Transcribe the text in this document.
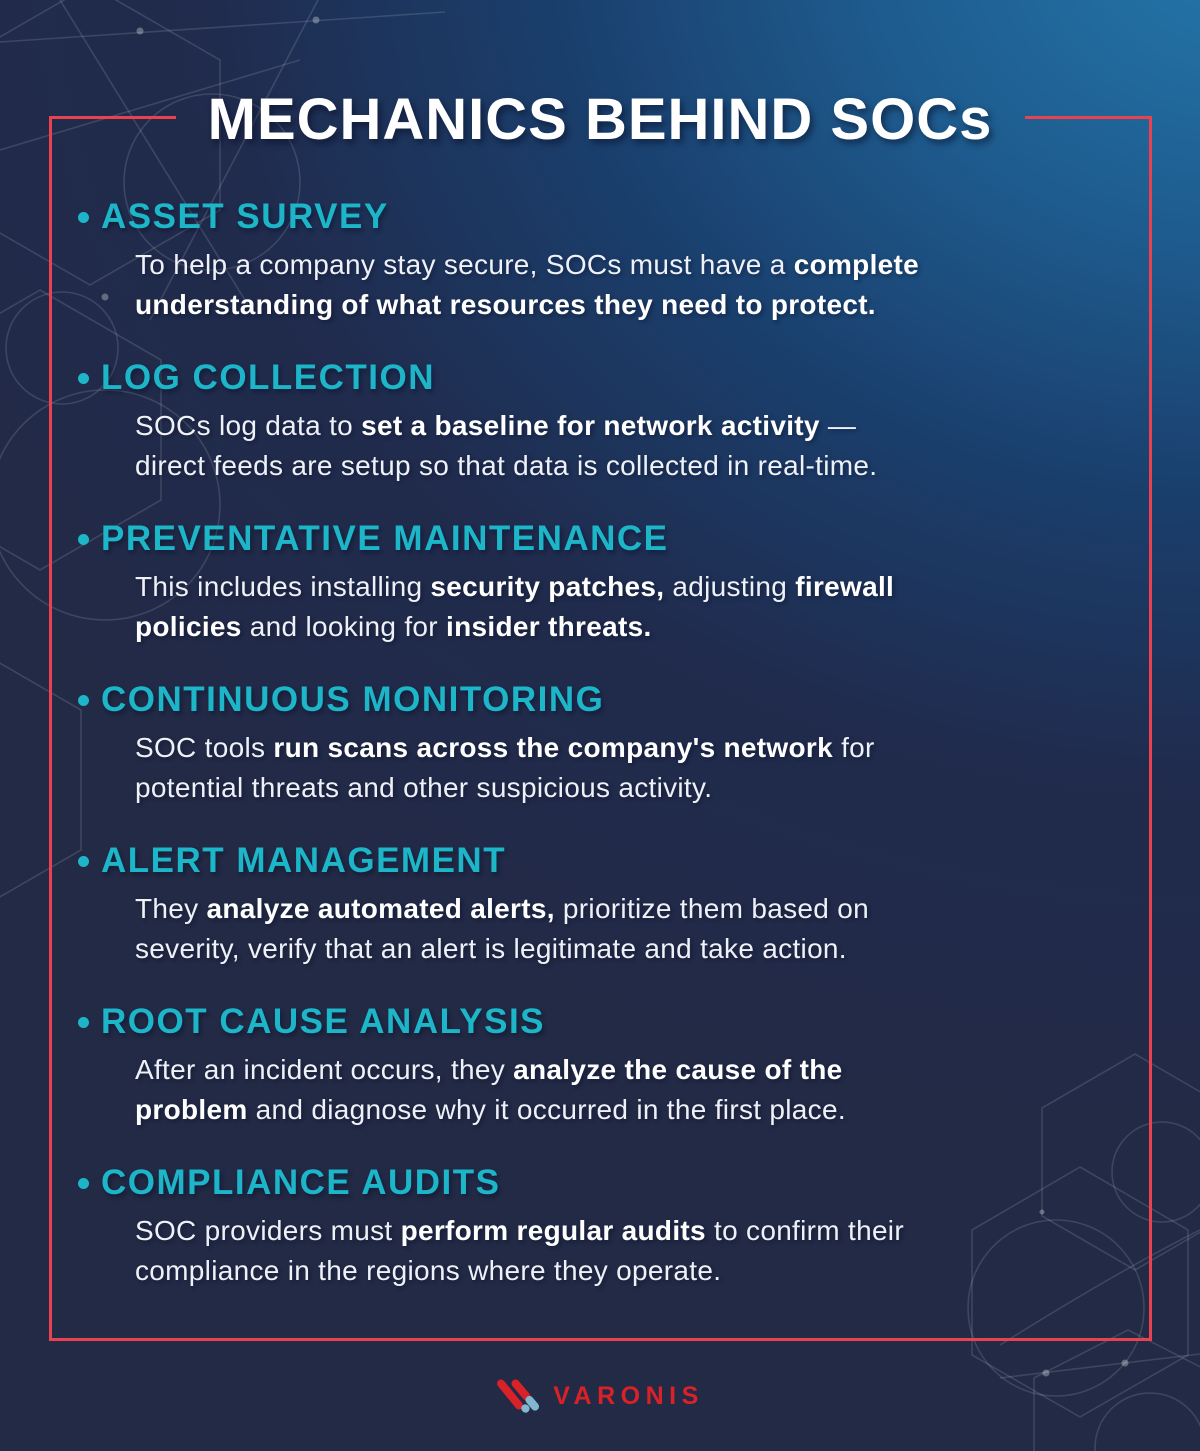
MECHANICS BEHIND SOCs
ASSET SURVEY
To help a company stay secure, SOCs must have a complete
understanding of what resources they need to protect.
LOG COLLECTION
SOCs log data to set a baseline for network activity —
direct feeds are setup so that data is collected in real-time.
PREVENTATIVE MAINTENANCE
This includes installing security patches, adjusting firewall
policies and looking for insider threats.
CONTINUOUS MONITORING
SOC tools run scans across the company's network for
potential threats and other suspicious activity.
ALERT MANAGEMENT
They analyze automated alerts, prioritize them based on
severity, verify that an alert is legitimate and take action.
ROOT CAUSE ANALYSIS
After an incident occurs, they analyze the cause of the
problem and diagnose why it occurred in the first place.
COMPLIANCE AUDITS
SOC providers must perform regular audits to confirm their
compliance in the regions where they operate.
VARONIS
